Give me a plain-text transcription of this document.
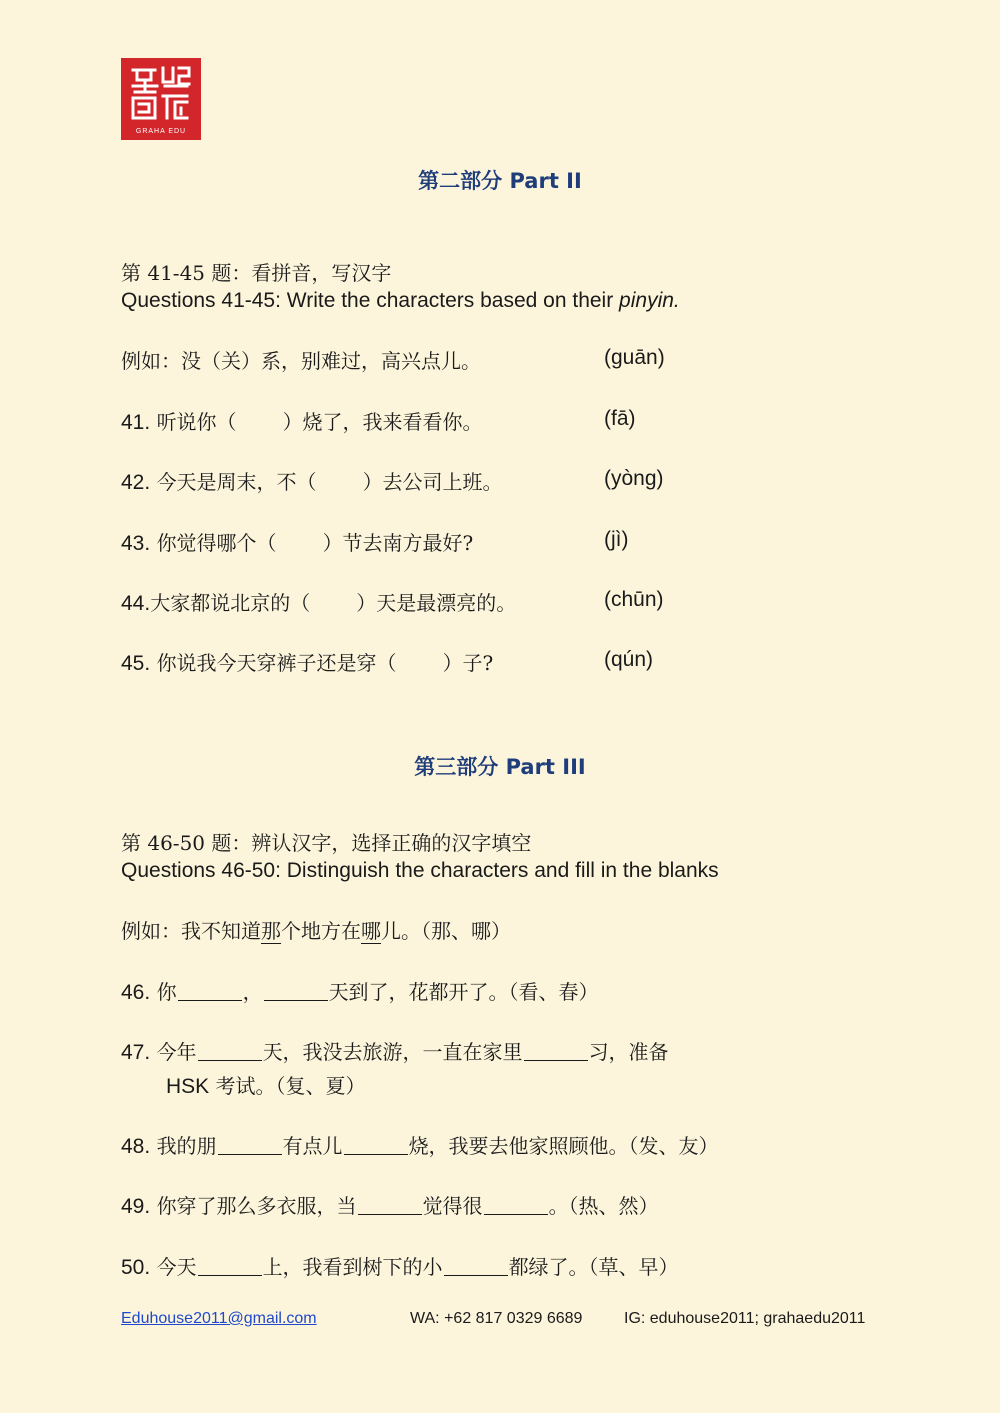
GRAHA EDU
第二部分 Part II
第 41-45 题：看拼音，写汉字
Questions 41-45: Write the characters based on their pinyin.
例如：没（关）系，别难过，高兴点儿。	(guān)
41. 听说你（ ）烧了，我来看看你。	(fā)
42. 今天是周末，不（ ）去公司上班。	(yòng)
43. 你觉得哪个（ ）节去南方最好?	(jì)
44.大家都说北京的（ ）天是最漂亮的。	(chūn)
45. 你说我今天穿裤子还是穿（ ）子?	(qún)
第三部分 Part III
第 46-50 题：辨认汉字，选择正确的汉字填空
Questions 46-50: Distinguish the characters and fill in the blanks
例如：我不知道那个地方在哪儿。（那、哪）
46. 你	，	天到了，花都开了。（看、春）
47. 今年	天，我没去旅游，一直在家里	习，准备
HSK 考试。（复、夏）
48. 我的朋	有点儿	烧，我要去他家照顾他。（发、友）
49. 你穿了那么多衣服，当	觉得很	。（热、然）
50. 今天	上，我看到树下的小	都绿了。（草、早）
Eduhouse2011@gmail.com	WA: +62 817 0329 6689	IG: eduhouse2011; grahaedu2011
